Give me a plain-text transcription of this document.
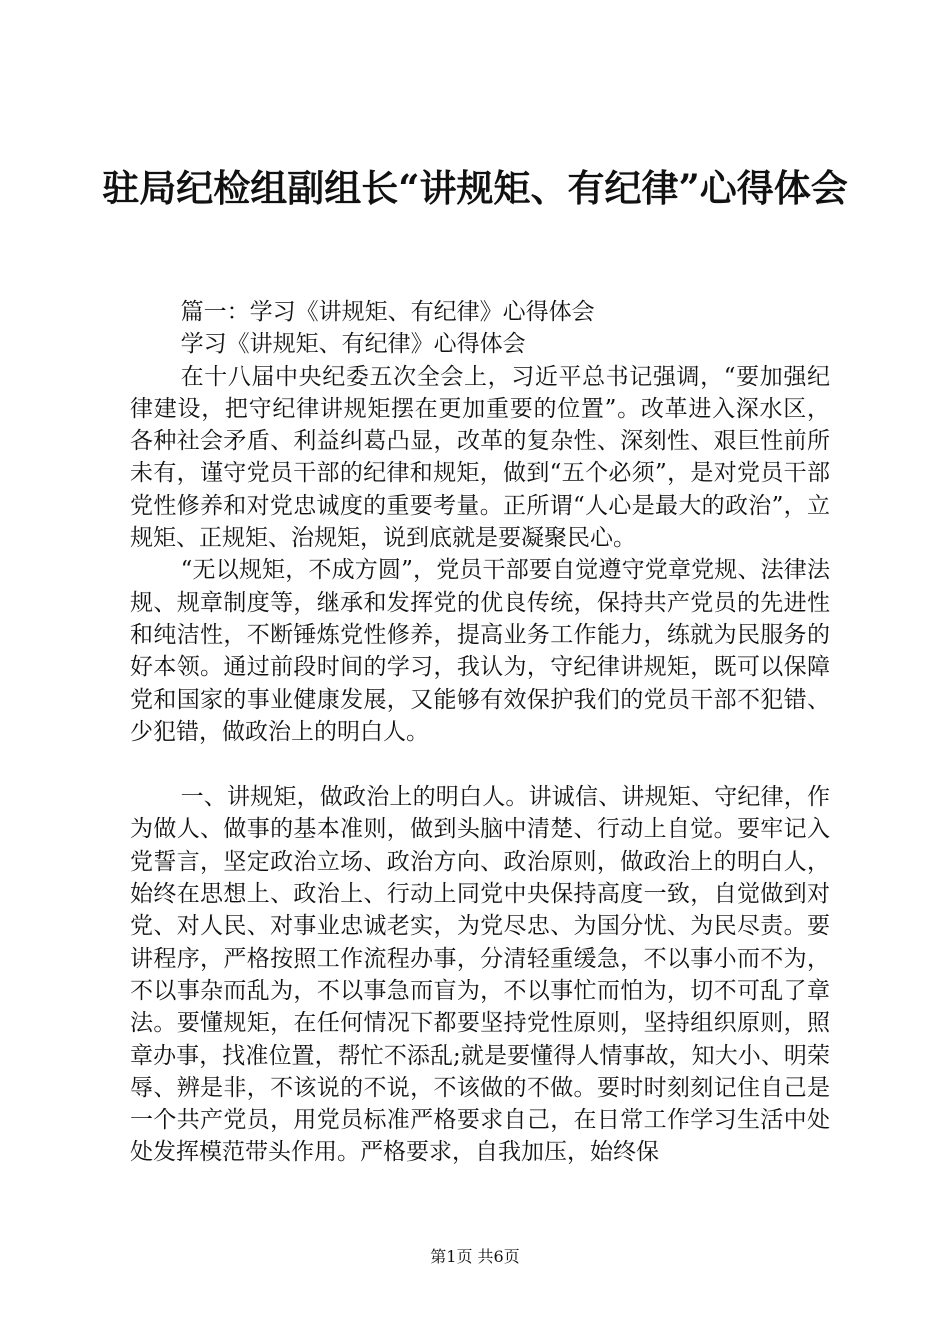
驻局纪检组副组长“讲规矩、有纪律”心得体会

篇一：学习《讲规矩、有纪律》心得体会

学习《讲规矩、有纪律》心得体会

在十八届中央纪委五次全会上，习近平总书记强调，“要加强纪律建设，把守纪律讲规矩摆在更加重要的位置”。改革进入深水区，各种社会矛盾、利益纠葛凸显，改革的复杂性、深刻性、艰巨性前所未有，谨守党员干部的纪律和规矩，做到“五个必须”，是对党员干部党性修养和对党忠诚度的重要考量。正所谓“人心是最大的政治”，立规矩、正规矩、治规矩，说到底就是要凝聚民心。

“无以规矩，不成方圆”，党员干部要自觉遵守党章党规、法律法规、规章制度等，继承和发挥党的优良传统，保持共产党员的先进性和纯洁性，不断锤炼党性修养，提高业务工作能力，练就为民服务的好本领。通过前段时间的学习，我认为，守纪律讲规矩，既可以保障党和国家的事业健康发展，又能够有效保护我们的党员干部不犯错、少犯错，做政治上的明白人。

一、讲规矩，做政治上的明白人。讲诚信、讲规矩、守纪律，作为做人、做事的基本准则，做到头脑中清楚、行动上自觉。要牢记入党誓言，坚定政治立场、政治方向、政治原则，做政治上的明白人，始终在思想上、政治上、行动上同党中央保持高度一致，自觉做到对党、对人民、对事业忠诚老实，为党尽忠、为国分忧、为民尽责。要讲程序，严格按照工作流程办事，分清轻重缓急，不以事小而不为，不以事杂而乱为，不以事急而盲为，不以事忙而怕为，切不可乱了章法。要懂规矩，在任何情况下都要坚持党性原则，坚持组织原则，照章办事，找准位置，帮忙不添乱;就是要懂得人情事故，知大小、明荣辱、辨是非，不该说的不说，不该做的不做。要时时刻刻记住自己是一个共产党员，用党员标准严格要求自己，在日常工作学习生活中处处发挥模范带头作用。严格要求，自我加压，始终保

第1页 共6页
